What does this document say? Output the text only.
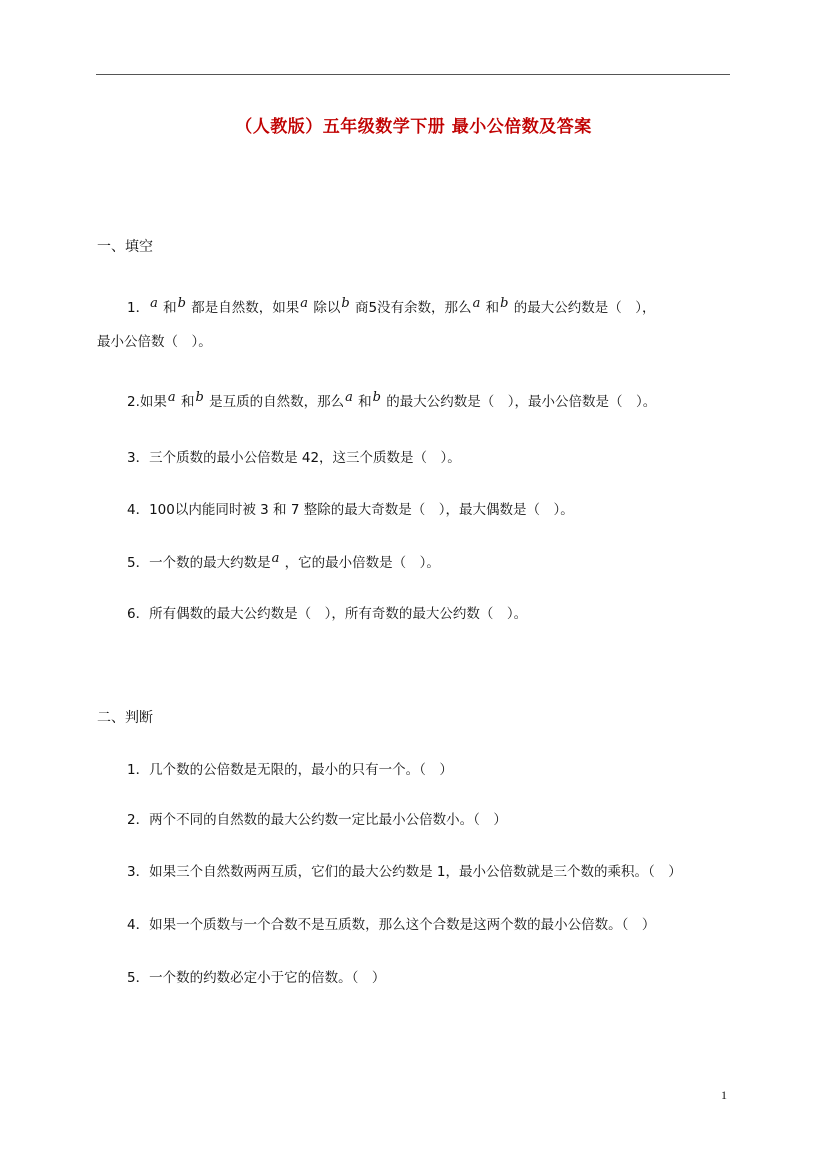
（人教版）五年级数学下册 最小公倍数及答案
一、填空
1．a 和b 都是自然数，如果a 除以b 商5没有余数，那么a 和b 的最大公约数是（　），
最小公倍数（　）。
2.如果a 和b 是互质的自然数，那么a 和b 的最大公约数是（　），最小公倍数是（　）。
3．三个质数的最小公倍数是 42，这三个质数是（　）。
4．100以内能同时被 3 和 7 整除的最大奇数是（　），最大偶数是（　）。
5．一个数的最大约数是a ，它的最小倍数是（　）。
6．所有偶数的最大公约数是（　），所有奇数的最大公约数（　）。
二、判断
1．几个数的公倍数是无限的，最小的只有一个。（　）
2．两个不同的自然数的最大公约数一定比最小公倍数小。（　）
3．如果三个自然数两两互质，它们的最大公约数是 1，最小公倍数就是三个数的乘积。（　）
4．如果一个质数与一个合数不是互质数，那么这个合数是这两个数的最小公倍数。（　）
5．一个数的约数必定小于它的倍数。（　）
1
